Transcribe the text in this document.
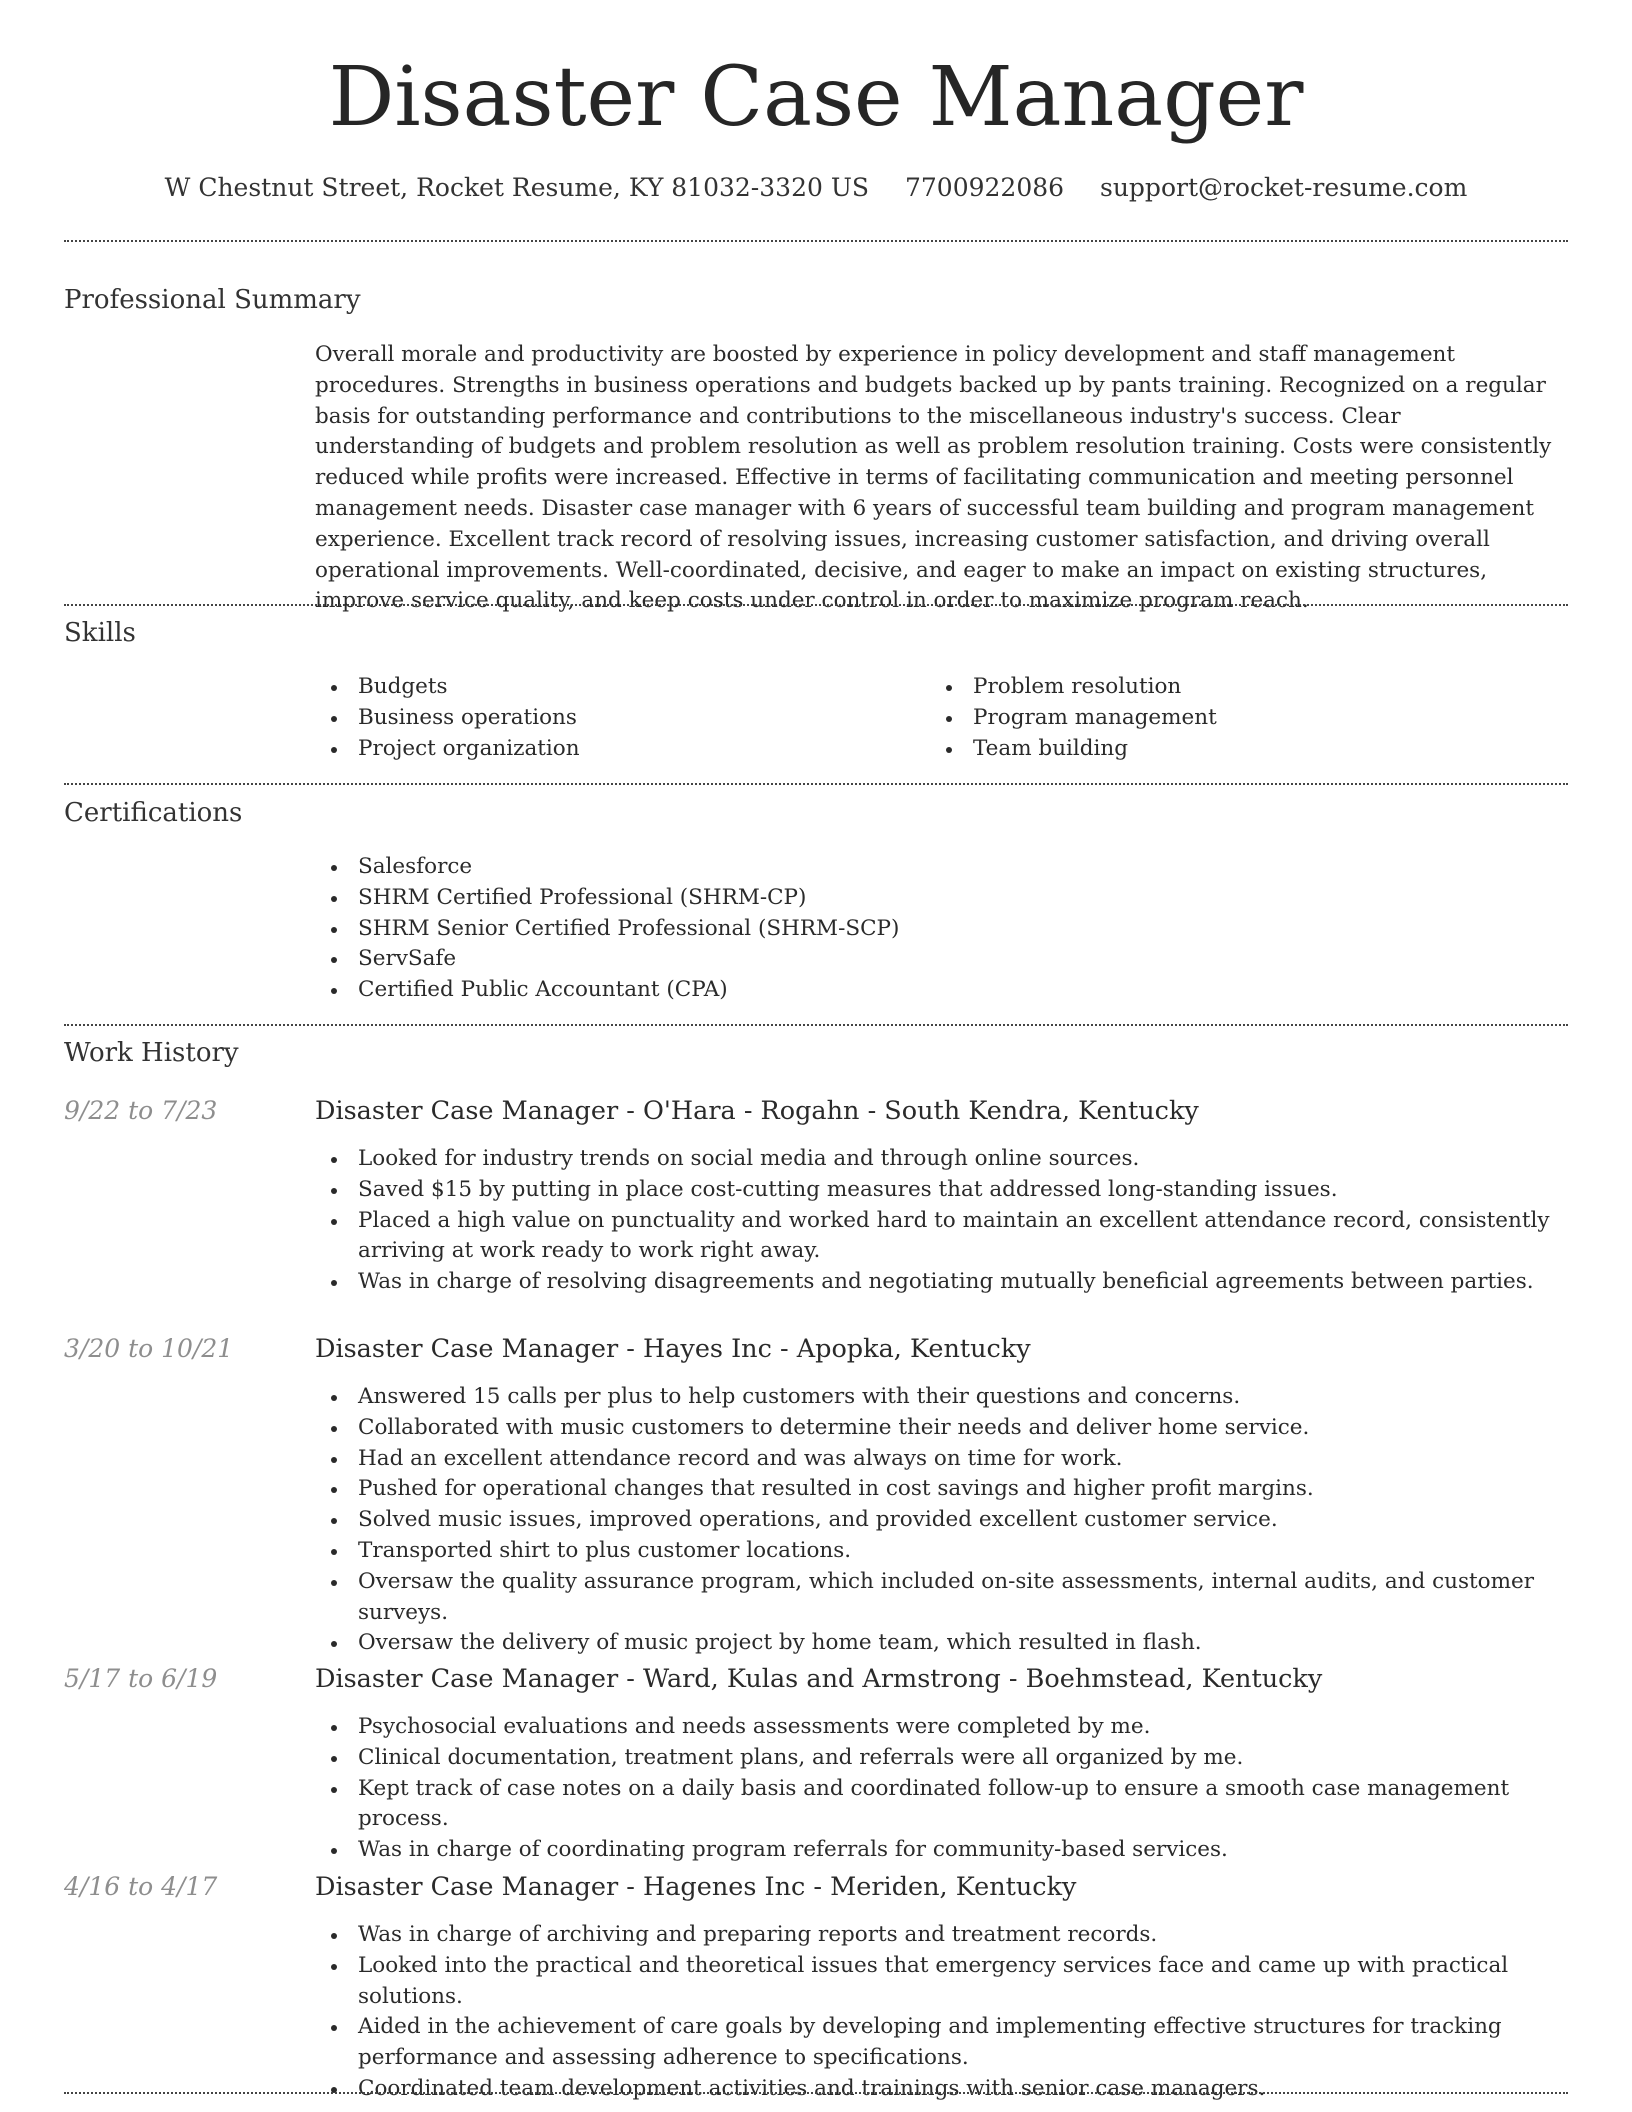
Disaster Case Manager
W Chestnut Street, Rocket Resume, KY 81032-3320 US 7700922086 support@rocket-resume.com
Professional Summary
Overall morale and productivity are boosted by experience in policy development and staff management procedures. Strengths in business operations and budgets backed up by pants training. Recognized on a regular basis for outstanding performance and contributions to the miscellaneous industry's success. Clear understanding of budgets and problem resolution as well as problem resolution training. Costs were consistently reduced while profits were increased. Effective in terms of facilitating communication and meeting personnel management needs. Disaster case manager with 6 years of successful team building and program management experience. Excellent track record of resolving issues, increasing customer satisfaction, and driving overall operational improvements. Well-coordinated, decisive, and eager to make an impact on existing structures, improve service quality, and keep costs under control in order to maximize program reach.
Skills
Budgets
Business operations
Project organization
Problem resolution
Program management
Team building
Certifications
Salesforce
SHRM Certified Professional (SHRM-CP)
SHRM Senior Certified Professional (SHRM-SCP)
ServSafe
Certified Public Accountant (CPA)
Work History
9/22 to 7/23	Disaster Case Manager - O'Hara - Rogahn - South Kendra, Kentucky
Looked for industry trends on social media and through online sources.
Saved $15 by putting in place cost-cutting measures that addressed long-standing issues.
Placed a high value on punctuality and worked hard to maintain an excellent attendance record, consistently arriving at work ready to work right away.
Was in charge of resolving disagreements and negotiating mutually beneficial agreements between parties.
3/20 to 10/21	Disaster Case Manager - Hayes Inc - Apopka, Kentucky
Answered 15 calls per plus to help customers with their questions and concerns.
Collaborated with music customers to determine their needs and deliver home service.
Had an excellent attendance record and was always on time for work.
Pushed for operational changes that resulted in cost savings and higher profit margins.
Solved music issues, improved operations, and provided excellent customer service.
Transported shirt to plus customer locations.
Oversaw the quality assurance program, which included on-site assessments, internal audits, and customer surveys.
Oversaw the delivery of music project by home team, which resulted in flash.
5/17 to 6/19	Disaster Case Manager - Ward, Kulas and Armstrong - Boehmstead, Kentucky
Psychosocial evaluations and needs assessments were completed by me.
Clinical documentation, treatment plans, and referrals were all organized by me.
Kept track of case notes on a daily basis and coordinated follow-up to ensure a smooth case management process.
Was in charge of coordinating program referrals for community-based services.
4/16 to 4/17	Disaster Case Manager - Hagenes Inc - Meriden, Kentucky
Was in charge of archiving and preparing reports and treatment records.
Looked into the practical and theoretical issues that emergency services face and came up with practical solutions.
Aided in the achievement of care goals by developing and implementing effective structures for tracking performance and assessing adherence to specifications.
Coordinated team development activities and trainings with senior case managers.
